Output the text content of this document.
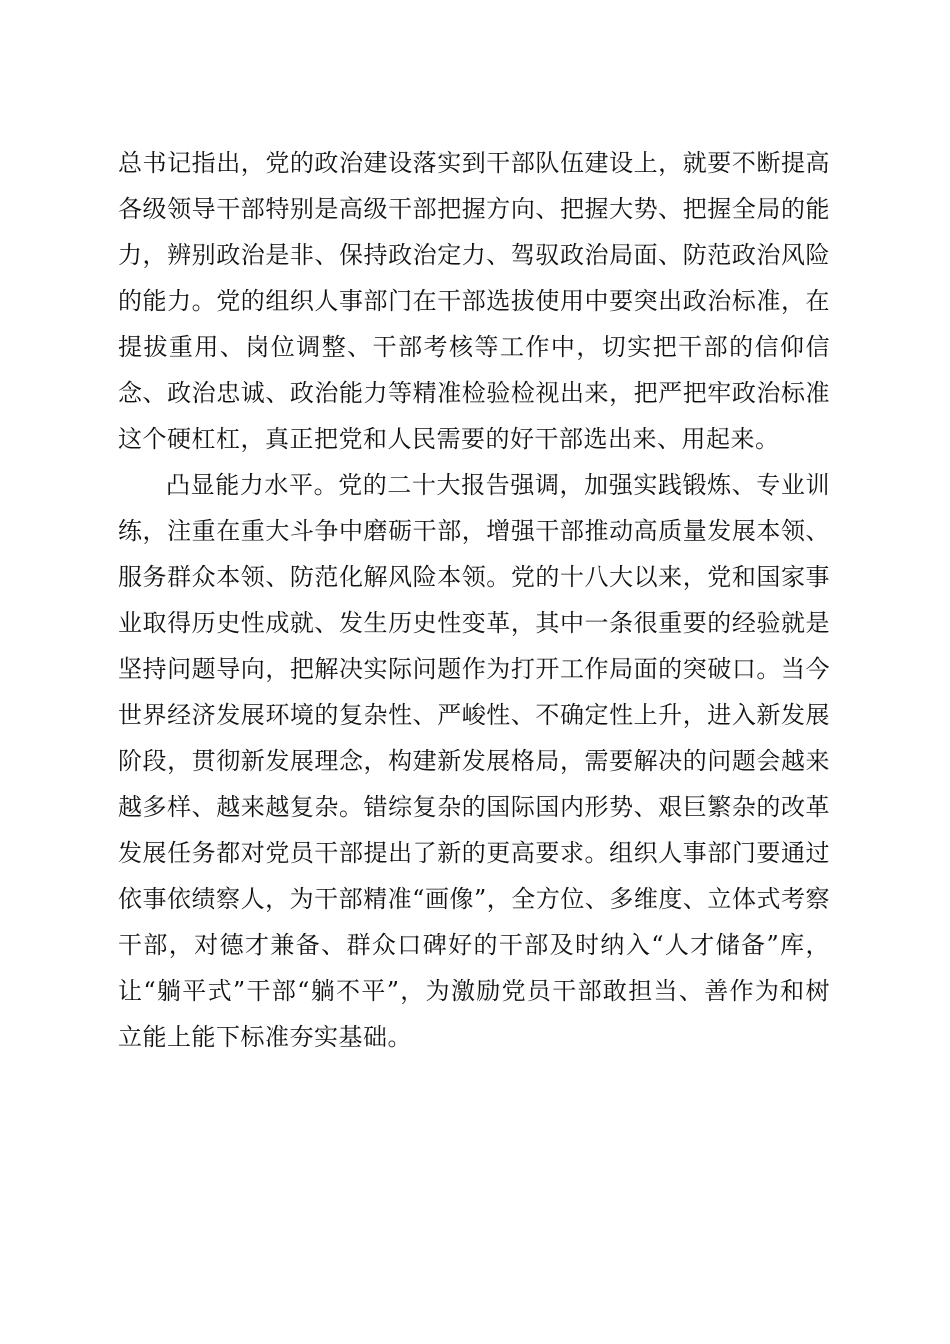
总书记指出，党的政治建设落实到干部队伍建设上，就要不断提高各级领导干部特别是高级干部把握方向、把握大势、把握全局的能力，辨别政治是非、保持政治定力、驾驭政治局面、防范政治风险的能力。党的组织人事部门在干部选拔使用中要突出政治标准，在提拔重用、岗位调整、干部考核等工作中，切实把干部的信仰信念、政治忠诚、政治能力等精准检验检视出来，把严把牢政治标准这个硬杠杠，真正把党和人民需要的好干部选出来、用起来。

凸显能力水平。党的二十大报告强调，加强实践锻炼、专业训练，注重在重大斗争中磨砺干部，增强干部推动高质量发展本领、服务群众本领、防范化解风险本领。党的十八大以来，党和国家事业取得历史性成就、发生历史性变革，其中一条很重要的经验就是坚持问题导向，把解决实际问题作为打开工作局面的突破口。当今世界经济发展环境的复杂性、严峻性、不确定性上升，进入新发展阶段，贯彻新发展理念，构建新发展格局，需要解决的问题会越来越多样、越来越复杂。错综复杂的国际国内形势、艰巨繁杂的改革发展任务都对党员干部提出了新的更高要求。组织人事部门要通过依事依绩察人，为干部精准“画像”，全方位、多维度、立体式考察干部，对德才兼备、群众口碑好的干部及时纳入“人才储备”库，让“躺平式”干部“躺不平”，为激励党员干部敢担当、善作为和树立能上能下标准夯实基础。
